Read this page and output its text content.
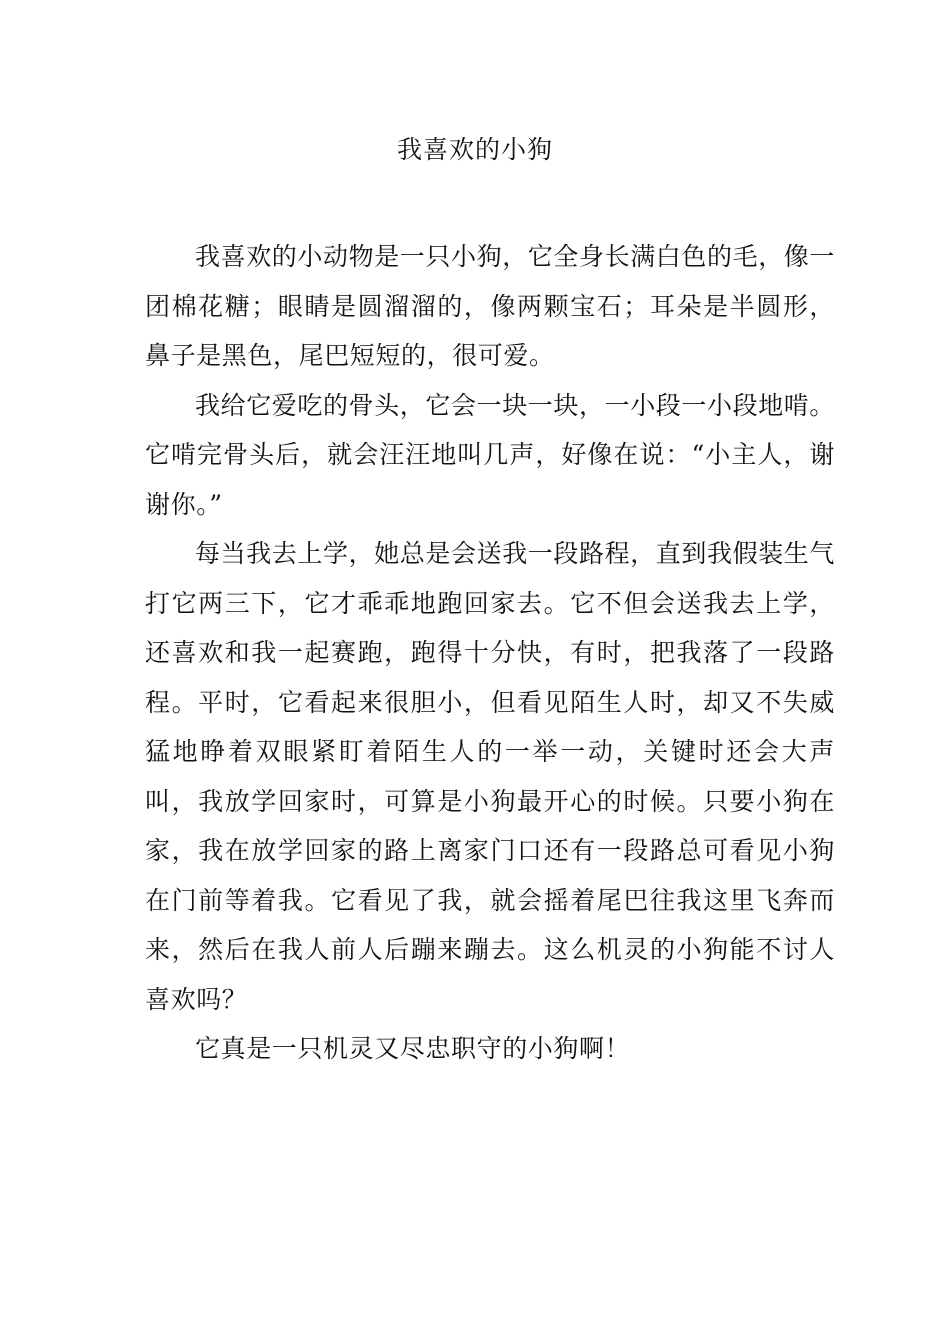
我喜欢的小狗

我喜欢的小动物是一只小狗，它全身长满白色的毛，像一团棉花糖；眼睛是圆溜溜的，像两颗宝石；耳朵是半圆形，鼻子是黑色，尾巴短短的，很可爱。

我给它爱吃的骨头，它会一块一块，一小段一小段地啃。它啃完骨头后，就会汪汪地叫几声，好像在说：“小主人，谢谢你。”

每当我去上学，她总是会送我一段路程，直到我假装生气打它两三下，它才乖乖地跑回家去。它不但会送我去上学，还喜欢和我一起赛跑，跑得十分快，有时，把我落了一段路程。平时，它看起来很胆小，但看见陌生人时，却又不失威猛地睁着双眼紧盯着陌生人的一举一动，关键时还会大声叫，我放学回家时，可算是小狗最开心的时候。只要小狗在家，我在放学回家的路上离家门口还有一段路总可看见小狗在门前等着我。它看见了我，就会摇着尾巴往我这里飞奔而来，然后在我人前人后蹦来蹦去。这么机灵的小狗能不讨人喜欢吗？

它真是一只机灵又尽忠职守的小狗啊！
